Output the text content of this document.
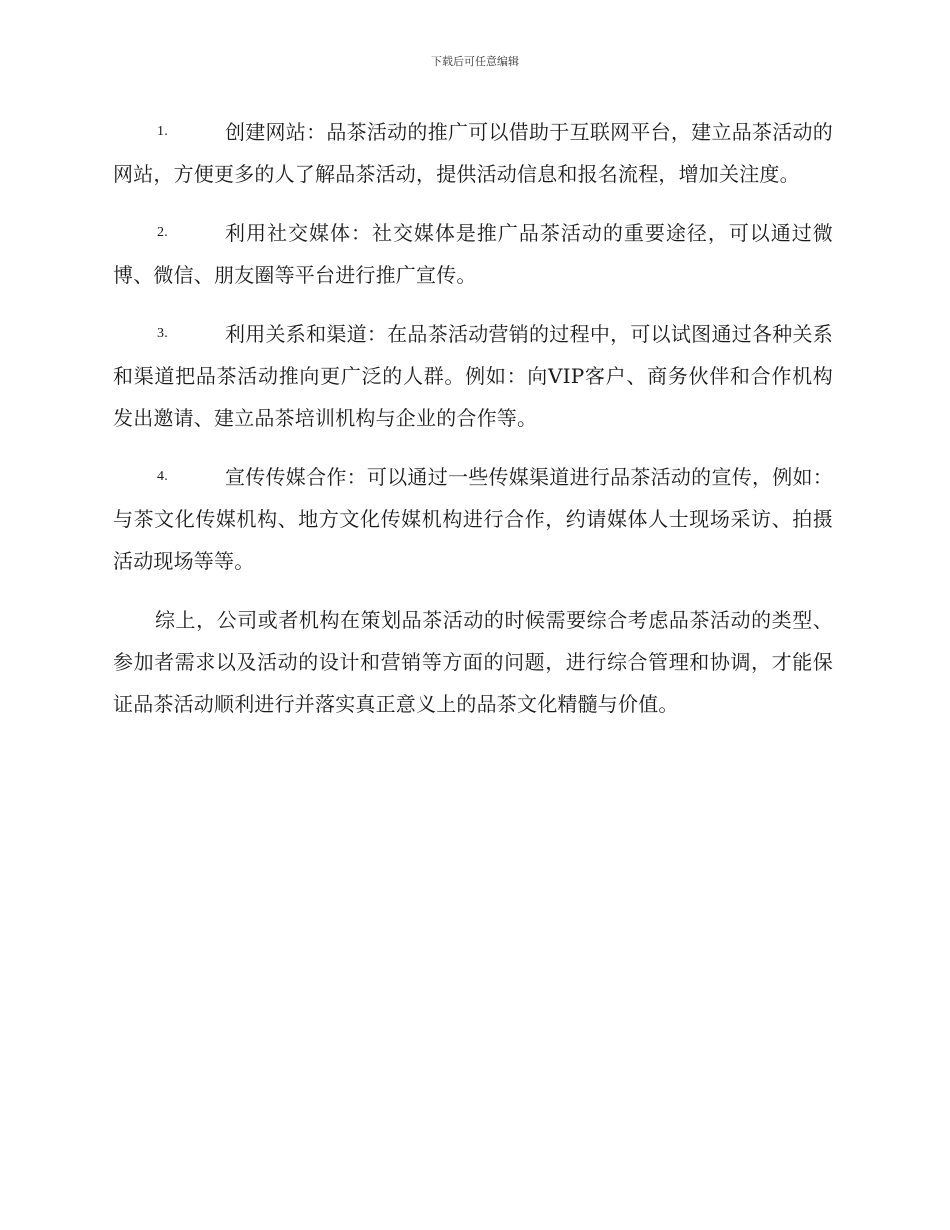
下载后可任意编辑

1.	创建网站：品茶活动的推广可以借助于互联网平台，建立品茶活动的网站，方便更多的人了解品茶活动，提供活动信息和报名流程，增加关注度。

2.	利用社交媒体：社交媒体是推广品茶活动的重要途径，可以通过微博、微信、朋友圈等平台进行推广宣传。

3.	利用关系和渠道：在品茶活动营销的过程中，可以试图通过各种关系和渠道把品茶活动推向更广泛的人群。例如：向VIP客户、商务伙伴和合作机构发出邀请、建立品茶培训机构与企业的合作等。

4.	宣传传媒合作：可以通过一些传媒渠道进行品茶活动的宣传，例如：与茶文化传媒机构、地方文化传媒机构进行合作，约请媒体人士现场采访、拍摄活动现场等等。

综上，公司或者机构在策划品茶活动的时候需要综合考虑品茶活动的类型、参加者需求以及活动的设计和营销等方面的问题，进行综合管理和协调，才能保证品茶活动顺利进行并落实真正意义上的品茶文化精髓与价值。
